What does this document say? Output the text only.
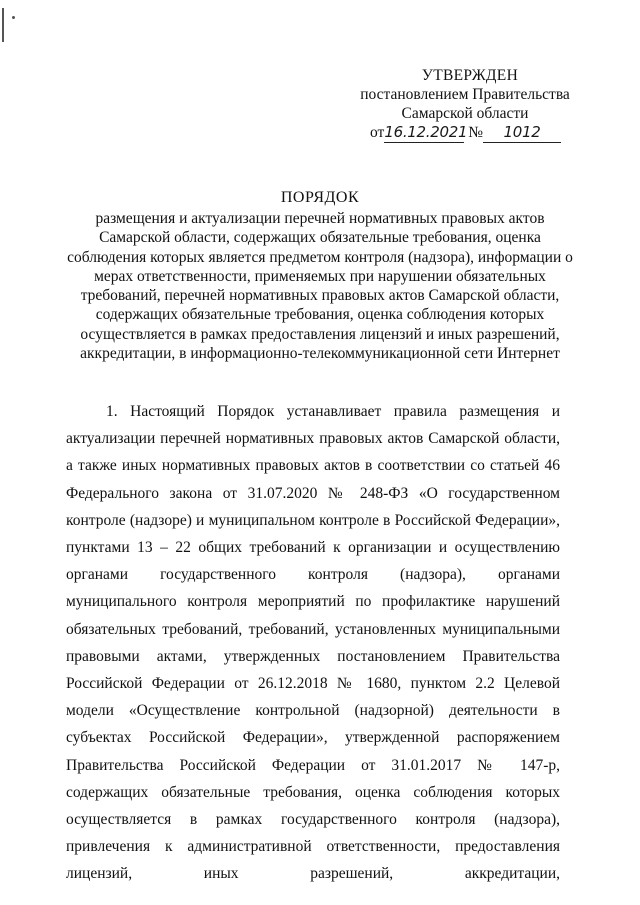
УТВЕРЖДЕН
постановлением Правительства
Самарской области
от16.12.2021 № 1012
ПОРЯДОК
размещения и актуализации перечней нормативных правовых актов Самарской области, содержащих обязательные требования, оценка соблюдения которых является предметом контроля (надзора), информации о мерах ответственности, применяемых при нарушении обязательных требований, перечней нормативных правовых актов Самарской области, содержащих обязательные требования, оценка соблюдения которых осуществляется в рамках предоставления лицензий и иных разрешений, аккредитации, в информационно-телекоммуникационной сети Интернет
1. Настоящий Порядок устанавливает правила размещения и актуализации перечней нормативных правовых актов Самарской области, а также иных нормативных правовых актов в соответствии со статьей 46 Федерального закона от 31.07.2020 № 248-ФЗ «О государственном контроле (надзоре) и муниципальном контроле в Российской Федерации», пунктами 13 – 22 общих требований к организации и осуществлению органами государственного контроля (надзора), органами муниципального контроля мероприятий по профилактике нарушений обязательных требований, требований, установленных муниципальными правовыми актами, утвержденных постановлением Правительства Российской Федерации от 26.12.2018 № 1680, пунктом 2.2 Целевой модели «Осуществление контрольной (надзорной) деятельности в субъектах Российской Федерации», утвержденной распоряжением Правительства Российской Федерации от 31.01.2017 № 147-р, содержащих обязательные требования, оценка соблюдения которых осуществляется в рамках государственного контроля (надзора), привлечения к административной ответственности, предоставления лицензий, иных разрешений, аккредитации,
